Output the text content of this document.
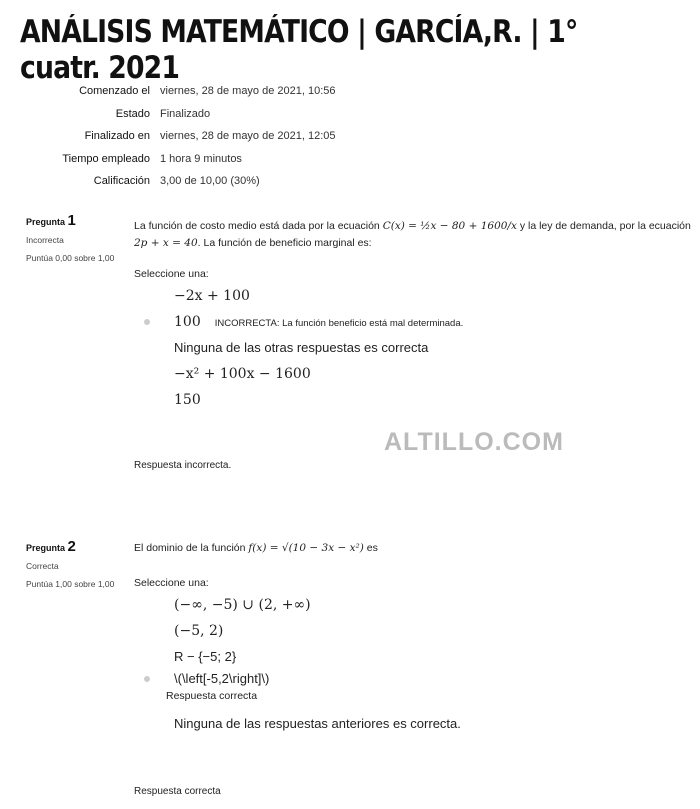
ANÁLISIS MATEMÁTICO | GARCÍA,R. | 1° cuatr. 2021
Comenzado el viernes, 28 de mayo de 2021, 10:56
Estado Finalizado
Finalizado en viernes, 28 de mayo de 2021, 12:05
Tiempo empleado 1 hora 9 minutos
Calificación 3,00 de 10,00 (30%)
Pregunta 1
Incorrecta
Puntúa 0,00 sobre 1,00
La función de costo medio está dada por la ecuación C(x) = ½x − 80 + 1600/x y la ley de demanda, por la ecuación 2p + x = 40. La función de beneficio marginal es:
Seleccione una:
−2x + 100
100 INCORRECTA: La función beneficio está mal determinada.
Ninguna de las otras respuestas es correcta
−x² + 100x − 1600
150
Respuesta incorrecta.
ALTILLO.COM
Pregunta 2
Correcta
Puntúa 1,00 sobre 1,00
El dominio de la función f(x) = √(10 − 3x − x²) es
Seleccione una:
(−∞, −5) ∪ (2, +∞)
(−5, 2)
R − {−5; 2}
\(\left[-5,2\right]\)
Respuesta correcta
Ninguna de las respuestas anteriores es correcta.
Respuesta correcta
